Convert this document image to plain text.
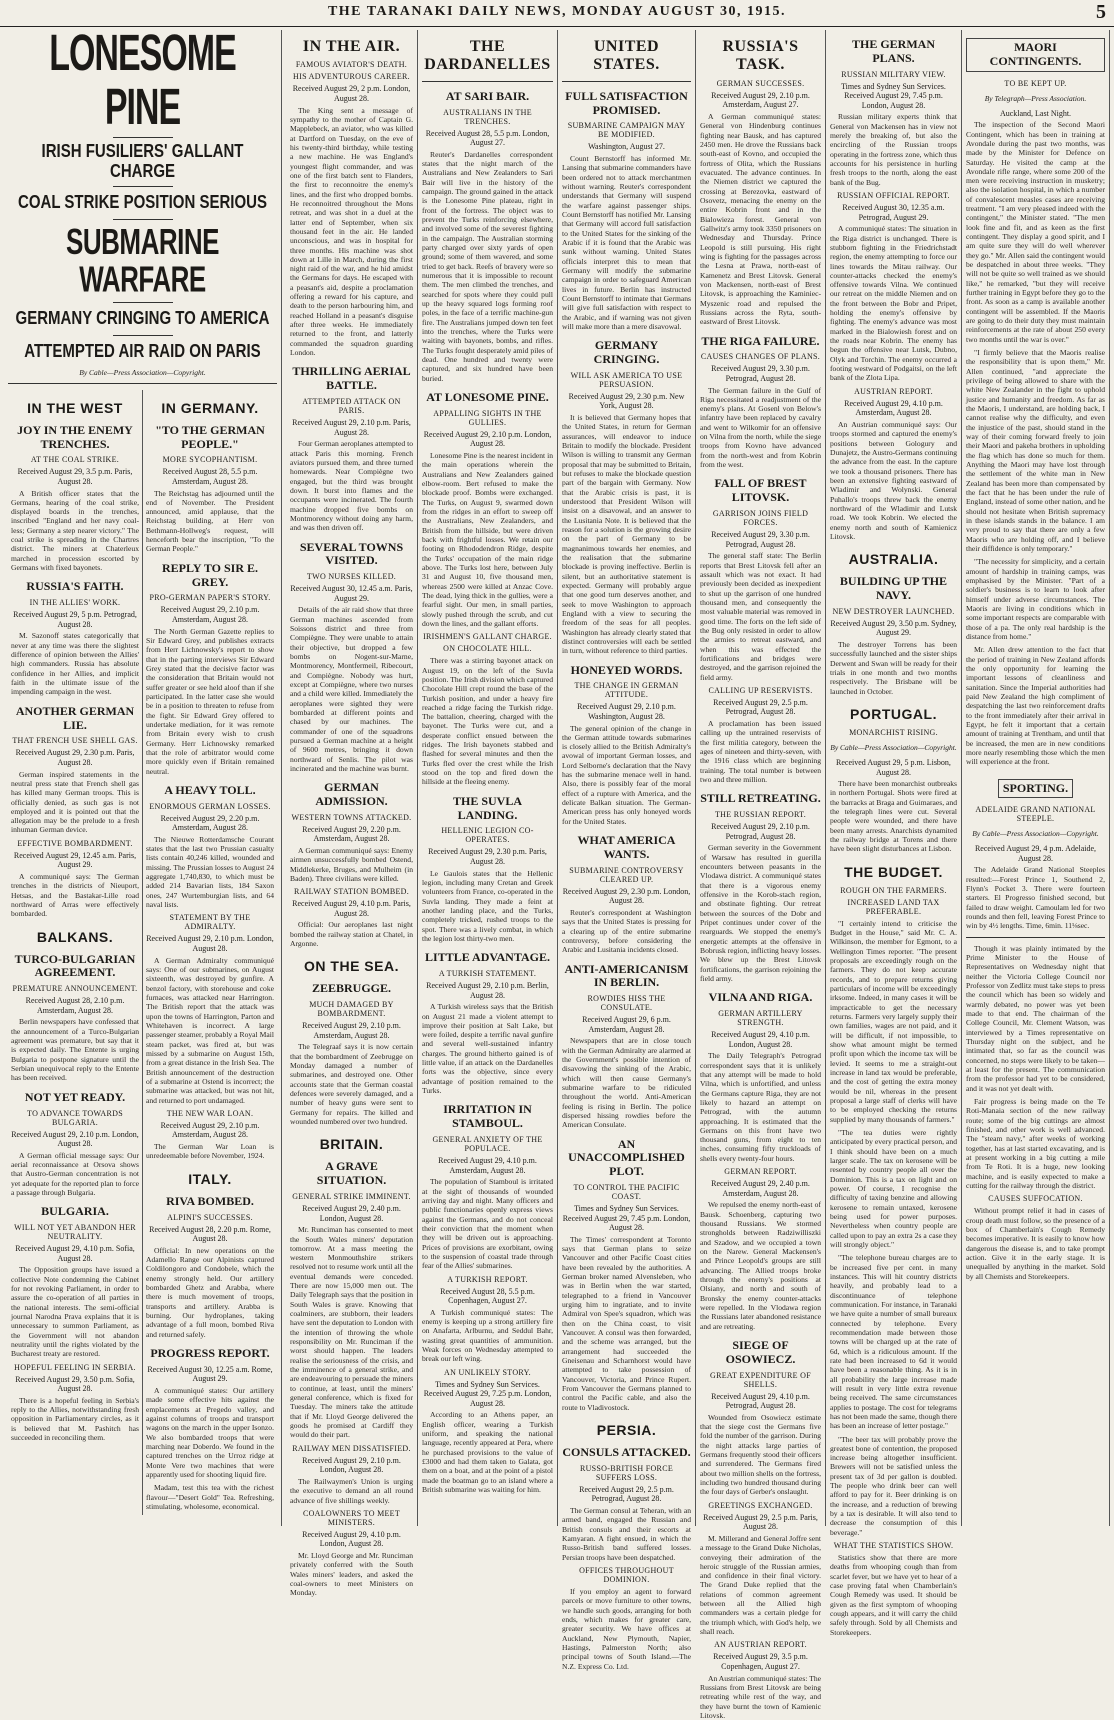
THE TARANAKI DAILY NEWS, MONDAY AUGUST 30, 1915.	5
LONESOME PINE
IRISH FUSILIERS' GALLANT CHARGE
COAL STRIKE POSITION SERIOUS
SUBMARINE WARFARE
GERMANY CRINGING TO AMERICA
ATTEMPTED AIR RAID ON PARIS
By Cable—Press Association—Copyright.
IN THE WEST
JOY IN THE ENEMY TRENCHES.
AT THE COAL STRIKE.
Received August 29, 3.5 p.m. Paris, August 28.

A British officer states that the Germans, hearing of the coal strike, displayed boards in the trenches, inscribed "England and her navy coal-less; Germany a step nearer victory." The coal strike is spreading in the Chartres district. The miners at Chaterleux marched in procession escorted by Germans with fixed bayonets.

RUSSIA'S FAITH.
IN THE ALLIES' WORK.
Received August 29, 5 p.m. Petrograd, August 28.

M. Sazonoff states categorically that never at any time was there the slightest difference of opinion between the Allies' high commanders. Russia has absolute confidence in her Allies, and implicit faith in the ultimate issue of the impending campaign in the west.

ANOTHER GERMAN LIE.
THAT FRENCH USE SHELL GAS.
Received August 29, 2.30 p.m. Paris, August 28.

German inspired statements in the neutral press state that French shell gas has killed many German troops. This is officially denied, as such gas is not employed and it is pointed out that the allegation may be the prelude to a fresh inhuman German device.

EFFECTIVE BOMBARDMENT.
Received August 29, 12.45 a.m. Paris, August 29.

A communiqué says: The German trenches in the districts of Nieuport, Hetsas, and the Bastakar-Lille road northward of Arras were effectively bombarded.

BALKANS.
TURCO-BULGARIAN AGREEMENT.
PREMATURE ANNOUNCEMENT.
Received August 28, 2.10 p.m. Amsterdam, August 28.

Berlin newspapers have confessed that the announcement of a Turco-Bulgarian agreement was premature, but say that it is expected daily. The Entente is urging Bulgaria to postpone signature until the Serbian unequivocal reply to the Entente has been received.

NOT YET READY.
TO ADVANCE TOWARDS BULGARIA.
Received August 29, 2.10 p.m. London, August 28.

A German official message says: Our aerial reconnaissance at Orsova shows that Austro-German concentration is not yet adequate for the reported plan to force a passage through Bulgaria.

BULGARIA.
WILL NOT YET ABANDON HER NEUTRALITY.
Received August 29, 4.10 p.m. Sofia, August 28.

The Opposition groups have issued a collective Note condemning the Cabinet for not revoking Parliament, in order to assure the co-operation of all parties in the national interests. The semi-official journal Narodna Prava explains that it is unnecessary to summon Parliament, as the Government will not abandon neutrality until the rights violated by the Bucharest treaty are restored.

HOPEFUL FEELING IN SERBIA.
Received August 29, 3.50 p.m. Sofia, August 28.

There is a hopeful feeling in Serbia's reply to the Allies, notwithstanding fresh opposition in Parliamentary circles, as it is believed that M. Pashitch has succeeded in reconciling them.

IN GERMANY.
"TO THE GERMAN PEOPLE."
MORE SYCOPHANTISM.
Received August 28, 5.5 p.m. Amsterdam, August 28.

The Reichstag has adjourned until the end of November. The President announced, amid applause, that the Reichstag building, at Herr von Bethmann-Hollweg's request, will henceforth bear the inscription, "To the German People."

REPLY TO SIR E. GREY.
PRO-GERMAN PAPER'S STORY.
Received August 29, 2.10 p.m. Amsterdam, August 28.

The North German Gazette replies to Sir Edward Grey, and publishes extracts from Herr Lichnowsky's report to show that in the parting interviews Sir Edward Grey stated that the decisive factor was the consideration that Britain would not suffer greater or see held aloof than if she participated. In the latter case she would be in a position to threaten to refuse from the fight. Sir Edward Grey offered to undertake mediation, for it was remote from Britain every wish to crush Germany. Herr Lichnowsky remarked that the role of arbitrator would come more quickly even if Britain remained neutral.

A HEAVY TOLL.
ENORMOUS GERMAN LOSSES.
Received August 29, 2.20 p.m. Amsterdam, August 28.

The Nieuwe Rotterdamsche Courant states that the last two Prussian casualty lists contain 40,246 killed, wounded and missing. The Prussian losses to August 24 aggregate 1,740,830, to which must be added 214 Bavarian lists, 184 Saxon ones, 247 Wurtemburgian lists, and 64 naval lists.

STATEMENT BY THE ADMIRALTY.
Received August 29, 2.10 p.m. London, August 28.

A German Admiralty communiqué says: One of our submarines, on August sixteenth, was destroyed by gunfire. A benzol factory, with storehouse and coke furnaces, was attacked near Harrington. The British report that the attack was upon the towns of Harrington, Parton and Whitehaven is incorrect. A large passenger steamer, probably a Royal Mail steam packet, was fired at, but was missed by a submarine on August 15th, from a great distance in the Irish Sea. The British announcement of the destruction of a submarine at Ostend is incorrect; the submarine was attacked, but was not hit, and returned to port undamaged.

THE NEW WAR LOAN.
Received August 29, 2.10 p.m. Amsterdam, August 28.

The German War Loan is unredeemable before November, 1924.

ITALY.
RIVA BOMBED.
ALPINI'S SUCCESSES.
Received August 28, 2.20 p.m. Rome, August 28.

Official: In new operations on the Adamello Range our Alpinists captured Coldilongoro and Condobele, which the enemy strongly held. Our artillery bombarded Ghetz and Arabba, where there is much movement of troops, transports and artillery. Arabba is burning. Our hydroplanes, taking advantage of a full moon, bombed Riva and returned safely.

PROGRESS REPORT.
Received August 30, 12.25 a.m. Rome, August 29.

A communiqué states: Our artillery made some effective hits against the emplacements at Pregedo valley, and against columns of troops and transport wagons on the march in the upper Isonzo. We also bombarded troops that were marching near Doberdo. We found in the captured trenches on the Urroz ridge at Monte Vere two machines that were apparently used for shooting liquid fire.

Madam, test this tea with the richest flavour—"Desert Gold" Tea. Refreshing, stimulating, wholesome, economical.

IN THE AIR.
FAMOUS AVIATOR'S DEATH.
HIS ADVENTUROUS CAREER.
Received August 29, 2 p.m. London, August 28.

The King sent a message of sympathy to the mother of Captain G. Mapplebeck, an aviator, who was killed at Dartford on Tuesday, on the eve of his twenty-third birthday, while testing a new machine. He was England's youngest flight commander, and was one of the first batch sent to Flanders, the first to reconnoitre the enemy's lines, and the first who dropped bombs. He reconnoitred throughout the Mons retreat, and was shot in a duel at the latter end of September, when six thousand feet in the air. He landed unconscious, and was in hospital for three months. His machine was shot down at Lille in March, during the first night raid of the war, and he hid amidst the Germans for days. He escaped with a peasant's aid, despite a proclamation offering a reward for his capture, and death to the person harbouring him, and reached Holland in a peasant's disguise after three weeks. He immediately returned to the front, and latterly commanded the squadron guarding London.

THRILLING AERIAL BATTLE.
ATTEMPTED ATTACK ON PARIS.
Received August 29, 2.10 p.m. Paris, August 28.

Four German aeroplanes attempted to attack Paris this morning. French aviators pursued them, and three turned homewards. Near Compiègne two engaged, but the third was brought down. It burst into flames and the occupants were incinerated. The fourth machine dropped five bombs on Montmorency without doing any harm, and was then driven off.

SEVERAL TOWNS VISITED.
TWO NURSES KILLED.
Received August 30, 12.45 a.m. Paris, August 29.

Details of the air raid show that three German machines ascended from Soissons district and three from Compiègne. They were unable to attain their objective, but dropped a few bombs on Nogent-sur-Marne, Montmorency, Montfermeil, Ribecourt, and Compiègne. Nobody was hurt, except at Compiègne, where two nurses and a child were killed. Immediately the aeroplanes were sighted they were bombarded at different points and chased by our machines. The commander of one of the squadrons pursued a German machine at a height of 9600 metres, bringing it down northward of Senlis. The pilot was incinerated and the machine was burnt.

GERMAN ADMISSION.
WESTERN TOWNS ATTACKED.
Received August 29, 2.20 p.m. Amsterdam, August 28.

A German communiqué says: Enemy airmen unsuccessfully bombed Ostend, Middlekerke, Bruges, and Mulheim (in Baden). Three civilians were killed.

RAILWAY STATION BOMBED.
Received August 29, 4.10 p.m. Paris, August 28.

Official: Our aeroplanes last night bombed the railway station at Chatel, in Argonne.

ON THE SEA.
ZEEBRUGGE.
MUCH DAMAGED BY BOMBARDMENT.
Received August 29, 2.10 p.m. Amsterdam, August 28.

The Telegraaf says it is now certain that the bombardment of Zeebrugge on Monday damaged a number of submarines, and destroyed one. Other accounts state that the German coastal defences were severely damaged, and a number of heavy guns were sent to Germany for repairs. The killed and wounded numbered over two hundred.

BRITAIN.
A GRAVE SITUATION.
GENERAL STRIKE IMMINENT.
Received August 29, 2.40 p.m. London, August 28.

Mr. Runciman has consented to meet the South Wales miners' deputation tomorrow. At a mass meeting the western Monmouthshire strikers resolved not to resume work until all the eventual demands were conceded. There are now 15,000 men out. The Daily Telegraph says that the position in South Wales is grave. Knowing that coalminers, are stubborn, their leaders have sent the deputation to London with the intention of throwing the whole responsibility on Mr. Runciman if the worst should happen. The leaders realise the seriousness of the crisis, and the imminence of a general strike, and are endeavouring to persuade the miners to continue, at least, until the miners' general conference, which is fixed for Tuesday. The miners take the attitude that if Mr. Lloyd George delivered the goods he promised at Cardiff they would do their part.

RAILWAY MEN DISSATISFIED.
Received August 29, 2.10 p.m. London, August 28.

The Railwaymen's Union is urging the executive to demand an all round advance of five shillings weekly.

COALOWNERS TO MEET MINISTERS.
Received August 29, 4.10 p.m. London, August 28.

Mr. Lloyd George and Mr. Runciman privately conferred with the South Wales miners' leaders, and asked the coal-owners to meet Ministers on Monday.

THE DARDANELLES
AT SARI BAIR.
AUSTRALIANS IN THE TRENCHES.
Received August 28, 5.5 p.m. London, August 27.

Reuter's Dardanelles correspondent states that the night march of the Australians and New Zealanders to Sari Bair will live in the history of the campaign. The ground gained in the attack is the Lonesome Pine plateau, right in front of the fortress. The object was to prevent the Turks reinforcing elsewhere, and involved some of the severest fighting in the campaign. The Australian storming party charged over sixty yards of open ground; some of them wavered, and some tried to get back. Reefs of bravery were so numerous that it is impossible to recount them. The men climbed the trenches, and searched for spots where they could pull up the heavy squared logs forming roof poles, in the face of a terrific machine-gun fire. The Australians jumped down ten feet into the trenches, where the Turks were waiting with bayonets, bombs, and rifles. The Turks fought desperately amid piles of dead. One hundred and twenty were captured, and six hundred have been buried.

AT LONESOME PINE.
APPALLING SIGHTS IN THE GULLIES.
Received August 29, 2.10 p.m. London, August 28.

Lonesome Pine is the nearest incident in the main operations wherein the Australians and New Zealanders gained elbow-room. Bert refused to make the blockade proof. Bombs were exchanged. The Turks, on August 9, swarmed down from the ridges in an effort to sweep off the Australians, New Zealanders, and British from the hillside, but were driven back with frightful losses. We retain our footing on Rhododendron Ridge, despite the Turks' occupation of the main ridge above. The Turks lost here, between July 31 and August 10, five thousand men, whereas 2500 were killed at Anzac Cove. The dead, lying thick in the gullies, were a fearful sight. Our men, in small parties, slowly pushed through the scrub, and cut down the lines, and the gallant efforts.

IRISHMEN'S GALLANT CHARGE.
ON CHOCOLATE HILL.

There was a stirring bayonet attack on August 19, on the left of the Suvla position. The Irish division which captured Chocolate Hill crept round the base of the Turkish position, and under a heavy fire reached a ridge facing the Turkish ridge. The battalion, cheering, charged with the bayonet. The Turks were cut, and a desperate conflict ensued between the ridges. The Irish bayonets stabbed and flashed for several minutes and then the Turks fled over the crest while the Irish stood on the top and fired down the hillside at the fleeing enemy.

THE SUVLA LANDING.
HELLENIC LEGION CO-OPERATES.
Received August 29, 2.30 p.m. Paris, August 28.

Le Gaulois states that the Hellenic legion, including many Cretan and Greek volunteers from France, co-operated in the Suvla landing. They made a feint at another landing place, and the Turks, completely tricked, rushed troops to the spot. There was a lively combat, in which the legion lost thirty-two men.

LITTLE ADVANTAGE.
A TURKISH STATEMENT.
Received August 29, 2.10 p.m. Berlin, August 28.

A Turkish wireless says that the British on August 21 made a violent attempt to improve their position at Salt Lake, but were foiled, despite a terrific naval gunfire and several well-sustained infantry charges. The ground hitherto gained is of little value, if an attack on the Dardanelles forts was the objective, since every advantage of position remained to the Turks.

IRRITATION IN STAMBOUL.
GENERAL ANXIETY OF THE POPULACE.
Received August 29, 4.10 p.m. Amsterdam, August 28.

The population of Stamboul is irritated at the sight of thousands of wounded arriving day and night. Many officers and public functionaries openly express views against the Germans, and do not conceal their conviction that the moment when they will be driven out is approaching. Prices of provisions are exorbitant, owing to the suspension of coastal trade through fear of the Allies' submarines.

A TURKISH REPORT.
Received August 28, 5.5 p.m. Copenhagen, August 27.

A Turkish communiqué states: The enemy is keeping up a strong artillery fire on Anafarta, Arlburnu, and Seddul Bahr, wasting great quantities of ammunition. Weak forces on Wednesday attempted to break our left wing.

AN UNLIKELY STORY.
Times and Sydney Sun Services. Received August 29, 7.25 p.m. London, August 28.

According to an Athens paper, an English officer, wearing a Turkish uniform, and speaking the national language, recently appeared at Pera, where he purchased provisions to the value of £3000 and had them taken to Galata, got them on a boat, and at the point of a pistol made the boatman go to an island where a British submarine was waiting for him.

UNITED STATES.
FULL SATISFACTION PROMISED.
SUBMARINE CAMPAIGN MAY BE MODIFIED.
Washington, August 27.

Count Bernstorff has informed Mr. Lansing that submarine commanders have been ordered not to attack merchantmen without warning. Reuter's correspondent understands that Germany will suspend the warfare against passenger ships. Count Bernstorff has notified Mr. Lansing that Germany will accord full satisfaction to the United States for the sinking of the Arabic if it is found that the Arabic was sunk without warning. United States officials interpret this to mean that Germany will modify the submarine campaign in order to safeguard American lives in future. Berlin has instructed Count Bernstorff to intimate that Germans will give full satisfaction with respect to the Arabic, and if warning was not given will make more than a mere disavowal.

GERMANY CRINGING.
WILL ASK AMERICA TO USE PERSUASION.
Received August 29, 2.30 p.m. New York, August 28.

It is believed that Germany hopes that the United States, in return for German assurances, will endeavor to induce Britain to modify the blockade. President Wilson is willing to transmit any German proposal that may be submitted to Britain, but refuses to make the blockade question part of the bargain with Germany. Now that the Arabic crisis is past, it is understood that President Wilson will insist on a disavowal, and an answer to the Lusitania Note. It is believed that the reason for a solution is the growing desire on the part of Germany to be magnanimous towards her enemies, and the realisation that the submarine blockade is proving ineffective. Berlin is silent, but an authoritative statement is expected. Germany will probably argue that one good turn deserves another, and seek to move Washington to approach England with a view to securing the freedom of the seas for all peoples. Washington has already clearly stated that distinct controversies will each be settled in turn, without reference to third parties.

HONEYED WORDS.
THE CHANGE IN GERMAN ATTITUDE.
Received August 29, 2.10 p.m. Washington, August 28.

The general opinion of the change in the German attitude towards submarines is closely allied to the British Admiralty's avowal of important German losses, and Lord Selborne's declaration that the Navy has the submarine menace well in hand. Also, there is possibly fear of the moral effect of a rupture with America, and the delicate Balkan situation. The German-American press has only honeyed words for the United States.

WHAT AMERICA WANTS.
SUBMARINE CONTROVERSY CLEARED UP.
Received August 29, 2.30 p.m. London, August 28.

Reuter's correspondent at Washington says that the United States is pressing for a clearing up of the entire submarine controversy, before considering the Arabic and Lusitania incidents closed.

ANTI-AMERICANISM IN BERLIN.
ROWDIES HISS THE CONSULATE.
Received August 29, 6 p.m. Amsterdam, August 28.

Newspapers that are in close touch with the German Admiralty are alarmed at the Government's possible intention of disavowing the sinking of the Arabic, which will then cause Germany's submarine warfare to be ridiculed throughout the world. Anti-American feeling is rising in Berlin. The police dispersed hissing rowdies before the American Consulate.

AN UNACCOMPLISHED PLOT.
TO CONTROL THE PACIFIC COAST.
Times and Sydney Sun Services. Received August 29, 7.45 p.m. London, August 28.

The Times' correspondent at Toronto says that German plans to seize Vancouver and other Pacific Coast cities have been revealed by the authorities. A German broker named Alvensleben, who was in Berlin when the war started, telegraphed to a friend in Vancouver urging him to ingratiate, and to invite Admiral von Spee's squadron, which was then on the China coast, to visit Vancouver. A consul was then forwarded, and the scheme was arranged, but the arrangement had succeeded the Gneisenau and Scharnhorst would have attempted to take possession of Vancouver, Victoria, and Prince Rupert. From Vancouver the Germans planned to control the Pacific cable, and also the route to Vladivostock.

PERSIA.
CONSULS ATTACKED.
RUSSO-BRITISH FORCE SUFFERS LOSS.
Received August 29, 2.5 p.m. Petrograd, August 28.

The German consul at Teheran, with an armed band, engaged the Russian and British consuls and their escorts at Kamyaran. A fight ensued, in which the Russo-British band suffered losses. Persian troops have been despatched.

OFFICES THROUGHOUT DOMINION.

If you employ an agent to forward parcels or move furniture to other towns, we handle such goods, arranging for both ends, which makes for greater care, greater security. We have offices at Auckland, New Plymouth, Napier, Hastings, Palmerston North; also principal towns of South Island.—The N.Z. Express Co. Ltd.

RUSSIA'S TASK.
GERMAN SUCCESSES.
Received August 29, 2.10 p.m. Amsterdam, August 27.

A German communiqué states: General von Hindenburg continues fighting near Bausk, and has captured 2450 men. He drove the Russians back south-east of Kovno, and occupied the fortress of Olita, which the Russians evacuated. The advance continues. In the Niemen district we captured the crossing at Berezovka, eastward of Osovetz, menacing the enemy on the entire Kobrin front and in the Bialowieza forest. General von Gallwitz's army took 3350 prisoners on Wednesday and Thursday. Prince Leopold is still pursuing. His right wing is fighting for the passages across the Lesna at Prawa, north-east of Kamenetz and Brest Litovsk. General von Mackensen, north-east of Brest Litovsk, is approaching the Kaminiec-Myszenic road and repulsed the Russians across the Ryta, south-eastward of Brest Litovsk.

THE RIGA FAILURE.
CAUSES CHANGES OF PLANS.
Received August 29, 3.30 p.m. Petrograd, August 28.

The German failure in the Gulf of Riga necessitated a readjustment of the enemy's plans. At Gosenl von Below's infantry have been replaced by cavalry and went to Wilkomir for an offensive on Vilna from the north, while the siege troops from Kovno have advanced from the north-west and from Kobrin from the west.

FALL OF BREST LITOVSK.
GARRISON JOINS FIELD FORCES.
Received August 29, 3.30 p.m. Petrograd, August 28.

The general staff state: The Berlin reports that Brest Litovsk fell after an assault which was not exact. It had previously been decided as inexpedient to shut up the garrison of one hundred thousand men, and consequently the most valuable material was removed in good time. The forts on the left side of the Bug only resisted in order to allow the armies to retreat eastward, and when this was effected the fortifications and bridges were destroyed, and the garrison rejoined the field army.

CALLING UP RESERVISTS.
Received August 29, 2.5 p.m. Petrograd, August 28.

A proclamation has been issued calling up the untrained reservists of the first militia category, between the ages of nineteen and thirty-seven, with the 1916 class which are beginning training. The total number is between two and three million.

STILL RETREATING.
THE RUSSIAN REPORT.
Received August 29, 2.10 p.m. Petrograd, August 28.

German severity in the Government of Warsaw has resulted in guerilla encounters between peasants in the Vlodawa district. A communiqué states that there is a vigorous enemy offensive in the Korob-stach region, and obstinate fighting. Our retreat between the sources of the Dobr and Pripet continues under cover of the rearguards. We stopped the enemy's energetic attempts at the offensive in Bobrusk region, inflicting heavy losses. We blew up the Brest Litovsk fortifications, the garrison rejoining the field army.

VILNA AND RIGA.
GERMAN ARTILLERY STRENGTH.
Received August 29, 4.10 p.m. London, August 28.

The Daily Telegraph's Petrograd correspondent says that it is unlikely that any attempt will be made to hold Vilna, which is unfortified, and unless the Germans capture Riga, they are not likely to hazard an attempt on Petrograd, with the autumn approaching. It is estimated that the Germans on this front have two thousand guns, from eight to ten inches, consuming fifty truckloads of shells every twenty-four hours.

GERMAN REPORT.
Received August 29, 2.40 p.m. Amsterdam, August 28.

We repulsed the enemy north-east of Bausk. Schoenberg, capturing two thousand Russians. We stormed strongholds between Radziwilliszki and Szadow, and we occupied a town on the Narew. General Mackensen's and Prince Leopold's groups are still advancing. The Allied troops broke through the enemy's positions at Olsiany, and north and south of Bronsky the enemy counter-attacks were repelled. In the Vlodawa region the Russians later abandoned resistance and are retreating.

SIEGE OF OSOWIECZ.
GREAT EXPENDITURE OF SHELLS.
Received August 29, 4.10 p.m. Petrograd, August 28.

Wounded from Osowiecz estimate that the siege cost the Germans five fold the number of the garrison. During the night attacks large parties of Germans frequently stood their officers and surrendered. The Germans fired about two million shells on the fortress, including two hundred thousand during the four days of Gerber's onslaught.

GREETINGS EXCHANGED.
Received August 29, 2.5 p.m. Paris, August 28.

M. Millerand and General Joffre sent a message to the Grand Duke Nicholas, conveying their admiration of the heroic struggle of the Russian armies, and confidence in their final victory. The Grand Duke replied that the relations of common agreement between all the Allied high commanders was a certain pledge for the triumph which, with God's help, we shall reach.

AN AUSTRIAN REPORT.
Received August 29, 3.5 p.m. Copenhagen, August 27.

An Austrian communiqué states: The Russians from Brest Litovsk are being retreating while rest of the way, and they have burnt the town of Kamienic Litovsk.

THE GERMAN PLANS.
RUSSIAN MILITARY VIEW.
Times and Sydney Sun Services. Received August 29, 7.45 p.m. London, August 28.

Russian military experts think that General von Mackensen has in view not merely the breaking of, but also the encircling of the Russian troops operating in the fortress zone, which thus accounts for his persistence in hurling fresh troops to the north, along the east bank of the Bug.

RUSSIAN OFFICIAL REPORT.
Received August 30, 12.35 a.m. Petrograd, August 29.

A communiqué states: The situation in the Riga district is unchanged. There is stubborn fighting in the Friedrichstadt region, the enemy attempting to force our lines towards the Mitau railway. Our counter-attacks checked the enemy's offensive towards Vilna. We continued our retreat on the middle Niemen and on the front between the Bobr and Pripet, holding the enemy's offensive by fighting. The enemy's advance was most marked in the Bialowiesh forest and on the roads near Kobrin. The enemy has begun the offensive near Lutsk, Dubno, Olyk and Torchin. The enemy occurred a footing westward of Podgaitsi, on the left bank of the Zlota Lipa.

AUSTRIAN REPORT.
Received August 29, 4.10 p.m. Amsterdam, August 28.

An Austrian communiqué says: Our troops stormed and captured the enemy's positions between Gologury and Dunajetz, the Austro-Germans continuing the advance from the east. In the capture we took a thousand prisoners. There has been an extensive fighting eastward of Wladimir and Wolynski. General Puhallo's troops threw back the enemy northward of the Wladimir and Lutsk road. We took Kobrin. We elected the enemy north and south of Kamienicz Litovsk.

AUSTRALIA.
BUILDING UP THE NAVY.
NEW DESTROYER LAUNCHED.
Received August 29, 3.50 p.m. Sydney, August 29.

The destroyer Torrens has been successfully launched and the sister ships Derwent and Swan will be ready for their trials in one month and two months respectively. The Brisbane will be launched in October.

PORTUGAL.
MONARCHIST RISING.
By Cable—Press Association—Copyright.
Received August 29, 5 p.m. Lisbon, August 28.

There have been monarchist outbreaks in northern Portugal. Shots were fired at the barracks at Braga and Guimaraes, and the telegraph lines were cut. Several people were wounded, and there have been many arrests. Anarchists dynamited the railway bridge at Torens and there have been slight disturbances at Lisbon.

THE BUDGET.
ROUGH ON THE FARMERS.
INCREASED LAND TAX PREFERABLE.

"I certainly intend to criticise the Budget in the House," said Mr. C. A. Wilkinson, the member for Egmont, to a Wellington Times reporter. "The present proposals are exceedingly rough on the farmers. They do not keep accurate records, and to prepare returns giving particulars of income will be exceedingly irksome. Indeed, in many cases it will be impracticable to get the necessary returns. Farmers very largely supply their own families, wages are not paid, and it will be difficult, if not impossible, to show what amount might be termed profit upon which the income tax will be levied. It seems to me a straight-out increase in land tax would be preferable, and the cost of getting the extra money would be nil, whereas in the present proposal a large staff of clerks will have to be employed checking the returns supplied by many thousands of farmers."

"The tea duties were rightly anticipated by every practical person, and I think should have been on a much larger scale. The tax on kerosene will be resented by country people all over the Dominion. This is a tax on light and on power. Of course, I recognise the difficulty of taxing benzine and allowing kerosene to remain untaxed, kerosene being used for power purposes. Nevertheless when country people are called upon to pay an extra 2s a case they will strongly object."

"The telephone bureau charges are to be increased five per cent. in many instances. This will hit country districts heavily, and probably lead to a discontinuance of telephone communication. For instance, in Taranaki we have quite a number of small bureaux connected by telephone. Every recommendation made between those towns will be charged up at the rate of 6d, which is a ridiculous amount. If the rate had been increased to 6d it would have been a reasonable thing. As it is in all probability the large increase made will result in very little extra revenue being received. The same circumstances applies to postage. The cost for telegrams has not been made the same, though there has been an increase of letter postage."

"The beer tax will probably prove the greatest bone of contention, the proposed increase being altogether insufficient. Brewers will not be satisfied unless the present tax of 3d per gallon is doubled. The people who drink beer can well afford to pay for it. Beer drinking is on the increase, and a reduction of brewing by a tax is desirable. It will also tend to decrease the consumption of this beverage."

WHAT THE STATISTICS SHOW.

Statistics show that there are more deaths from whooping cough than from scarlet fever, but we have yet to hear of a case proving fatal when Chamberlain's Cough Remedy was used. It should be given as the first symptom of whooping cough appears, and it will carry the child safely through. Sold by all Chemists and Storekeepers.

MAORI CONTINGENTS.
TO BE KEPT UP.
By Telegraph—Press Association.
Auckland, Last Night.

The inspection of the Second Maori Contingent, which has been in training at Avondale during the past two months, was made by the Minister for Defence on Saturday. He visited the camp at the Avondale rifle range, where some 200 of the men were receiving instruction in musketry; also the isolation hospital, in which a number of convalescent measles cases are receiving treatment. "I am very pleased indeed with the contingent," the Minister stated. "The men look fine and fit, and as keen as the first contingent. They display a good spirit, and I am quite sure they will do well wherever they go." Mr. Allen said the contingent would be despatched in about three weeks. "They will not be quite so well trained as we should like," he remarked, "but they will receive further training in Egypt before they go to the front. As soon as a camp is available another contingent will be assembled. If the Maoris are going to do their duty they must maintain reinforcements at the rate of about 250 every two months until the war is over."

"I firmly believe that the Maoris realise the responsibility that is upon them," Mr. Allen continued, "and appreciate the privilege of being allowed to share with the white New Zealander in the fight to uphold justice and humanity and freedom. As far as the Maoris, I understand, are holding back, I cannot realise why the difficulty, and even the injustice of the past, should stand in the way of their coming forward freely to join their Maori and pakeha brothers in upholding the flag which has done so much for them. Anything the Maori may have lost through the settlement of the white man in New Zealand has been more than compensated by the fact that he has been under the rule of England, instead of some other nation, and he should not hesitate when British supremacy in these islands stands in the balance. I am very proud to say that there are only a few Maoris who are holding off, and I believe their diffidence is only temporary."

"The necessity for simplicity, and a certain amount of hardship in training camps, was emphasised by the Minister. "Part of a soldier's business is to learn to look after himself under adverse circumstances. The Maoris are living in conditions which in some important respects are comparable with those of a pa. The only real hardship is the distance from home."

Mr. Allen drew attention to the fact that the period of training in New Zealand affords the only opportunity for learning the important lessons of cleanliness and sanitation. Since the Imperial authorities had paid New Zealand the high compliment of despatching the last two reinforcement drafts to the front immediately after their arrival in Egypt, he felt it important that a certain amount of training at Trentham, and until that be increased, the men are in new conditions more nearly resembling those which the men will experience at the front.

SPORTING.
ADELAIDE GRAND NATIONAL STEEPLE.
By Cable—Press Association—Copyright.
Received August 29, 4 p.m. Adelaide, August 28.

The Adelaide Grand National Steeples resulted:—Forest Prince 1, Southend 2, Flynn's Pocket 3. There were fourteen starters. El Progresso finished second, but failed to draw weight. Camoulam led for two rounds and then fell, leaving Forest Prince to win by 4½ lengths. Time, 6min. 11⅛sec.

Though it was plainly intimated by the Prime Minister to the House of Representatives on Wednesday night that neither the Victoria College Council nor Professor von Zedlitz must take steps to press the council which has been so widely and warmly debated, no power was yet been made to that end. The chairman of the College Council, Mr. Clement Watson, was interviewed by a Times representative on Thursday night on the subject, and he intimated that, so far as the council was concerned, no steps were likely to be taken—at least for the present. The communication from the professor had yet to be considered, and it was not yet dealt with.

Fair progress is being made on the Te Roti-Manaia section of the new railway route; some of the big cuttings are almost finished, and other work is well advanced. The "steam navy," after weeks of working together, has at last started excavating, and is at present working in a big cutting a mile from Te Roti. It is a huge, new looking machine, and is easily expected to make a cutting for the railway through the district.

CAUSES SUFFOCATION.

Without prompt relief it had in cases of croup death must follow, so the presence of a box of Chamberlain's Cough Remedy becomes imperative. It is easily to know how dangerous the disease is, and to take prompt action. Give it in the early stage. It is unequalled by anything in the market. Sold by all Chemists and Storekeepers.
